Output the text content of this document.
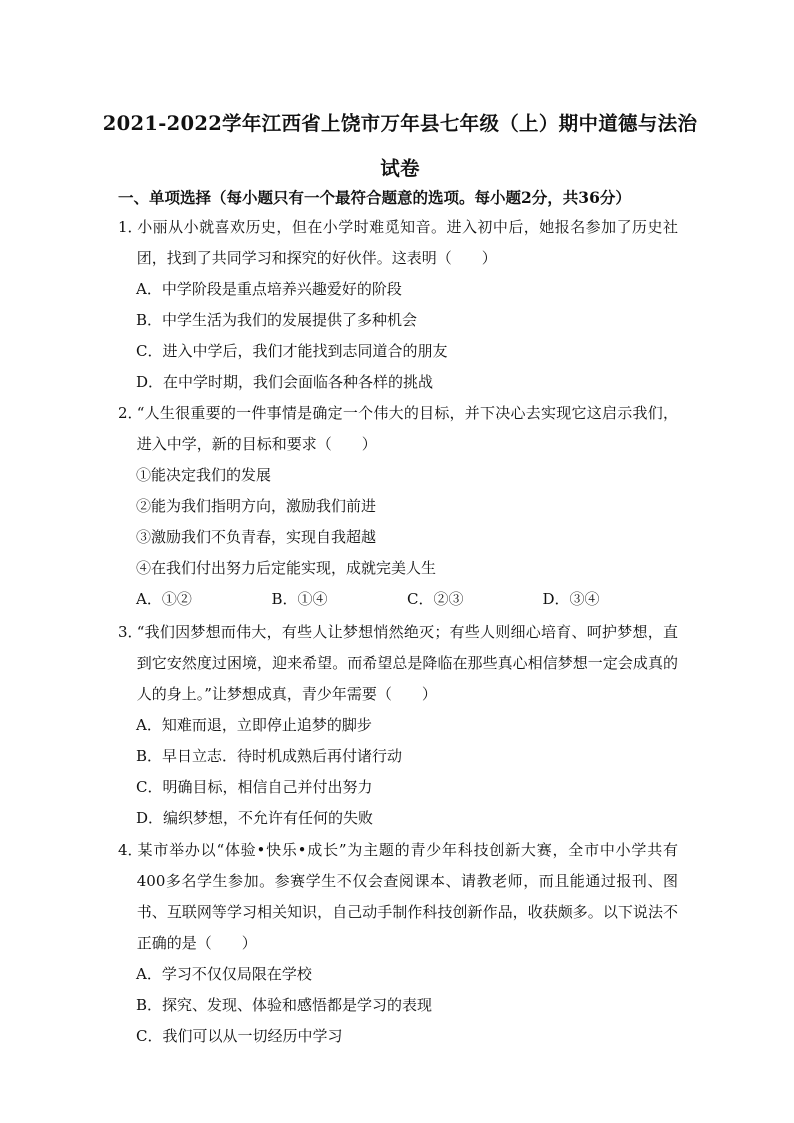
2021-2022学年江西省上饶市万年县七年级（上）期中道德与法治试卷
一、单项选择（每小题只有一个最符合题意的选项。每小题2分，共36分）

1．小丽从小就喜欢历史，但在小学时难觅知音。进入初中后，她报名参加了历史社团，找到了共同学习和探究的好伙伴。这表明（　　）

A．中学阶段是重点培养兴趣爱好的阶段
B．中学生活为我们的发展提供了多种机会
C．进入中学后，我们才能找到志同道合的朋友
D．在中学时期，我们会面临各种各样的挑战

2．“人生很重要的一件事情是确定一个伟大的目标，并下决心去实现它这启示我们，进入中学，新的目标和要求（　　）

①能决定我们的发展
②能为我们指明方向，激励我们前进
③激励我们不负青春，实现自我超越
④在我们付出努力后定能实现，成就完美人生
A．①②	B．①④	C．②③	D．③④

3．“我们因梦想而伟大，有些人让梦想悄然绝灭；有些人则细心培育、呵护梦想，直到它安然度过困境，迎来希望。而希望总是降临在那些真心相信梦想一定会成真的人的身上。”让梦想成真，青少年需要（　　）

A．知难而退，立即停止追梦的脚步
B．早日立志．待时机成熟后再付诸行动
C．明确目标，相信自己并付出努力
D．编织梦想，不允许有任何的失败

4．某市举办以“体验•快乐•成长”为主题的青少年科技创新大赛，全市中小学共有400多名学生参加。参赛学生不仅会查阅课本、请教老师，而且能通过报刊、图书、互联网等学习相关知识，自己动手制作科技创新作品，收获颇多。以下说法不正确的是（　　）

A．学习不仅仅局限在学校
B．探究、发现、体验和感悟都是学习的表现
C．我们可以从一切经历中学习
